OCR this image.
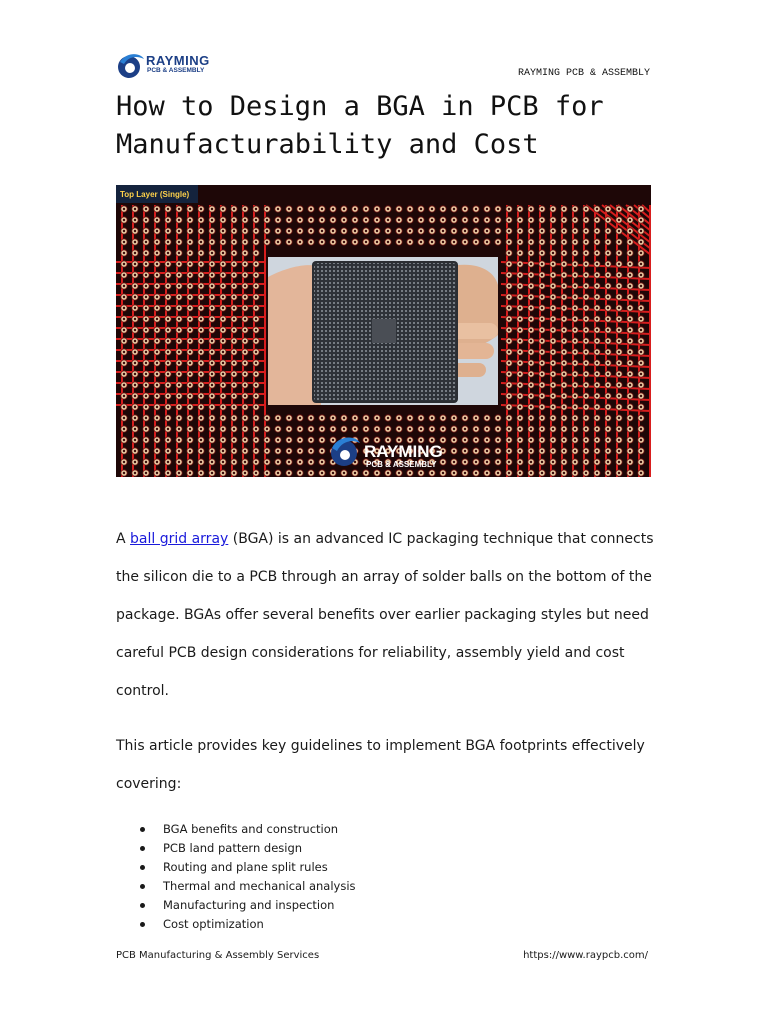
RAYMING
PCB & ASSEMBLY	RAYMING PCB & ASSEMBLY
How to Design a BGA in PCB for Manufacturability and Cost
Top Layer (Single)
RAYMING
PCB & ASSEMBLY

A ball grid array (BGA) is an advanced IC packaging technique that connects the silicon die to a PCB through an array of solder balls on the bottom of the package. BGAs offer several benefits over earlier packaging styles but need careful PCB design considerations for reliability, assembly yield and cost control.

This article provides key guidelines to implement BGA footprints effectively covering:

BGA benefits and construction
PCB land pattern design
Routing and plane split rules
Thermal and mechanical analysis
Manufacturing and inspection
Cost optimization
PCB Manufacturing & Assembly Services	https://www.raypcb.com/
